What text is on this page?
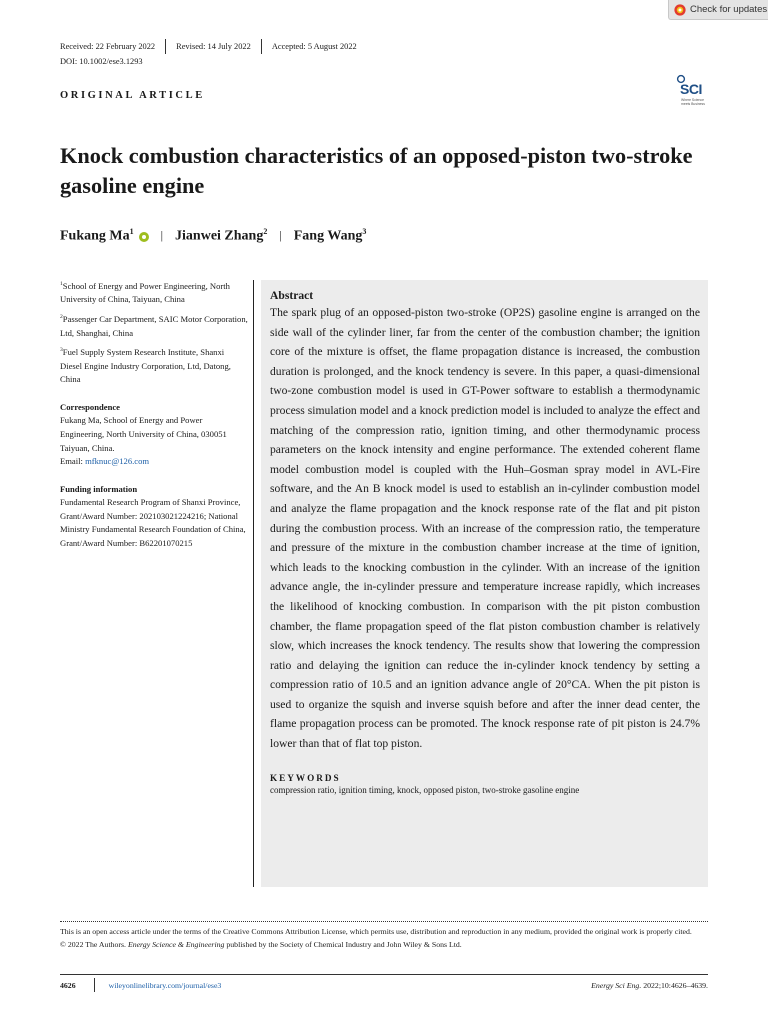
Check for updates
Received: 22 February 2022	Revised: 14 July 2022	Accepted: 5 August 2022
DOI: 10.1002/ese3.1293
ORIGINAL ARTICLE	SCI
Where Science meets Business
Knock combustion characteristics of an opposed-piston two-stroke gasoline engine
Fukang Ma$^1$ | Jianwei Zhang$^2$ | Fang Wang$^3$

$^1$School of Energy and Power Engineering, North University of China, Taiyuan, China

$^2$Passenger Car Department, SAIC Motor Corporation, Ltd, Shanghai, China

$^3$Fuel Supply System Research Institute, Shanxi Diesel Engine Industry Corporation, Ltd, Datong, China

Correspondence

Fukang Ma, School of Energy and Power Engineering, North University of China, 030051 Taiyuan, China.
Email: mfknuc@126.com

Funding information

Fundamental Research Program of Shanxi Province, Grant/Award Number: 202103021224216; National Ministry Fundamental Research Foundation of China, Grant/Award Number: B62201070215

Abstract
The spark plug of an opposed-piston two-stroke (OP2S) gasoline engine is arranged on the side wall of the cylinder liner, far from the center of the combustion chamber; the ignition core of the mixture is offset, the flame propagation distance is increased, the combustion duration is prolonged, and the knock tendency is severe. In this paper, a quasi-dimensional two-zone combustion model is used in GT-Power software to establish a thermodynamic process simulation model and a knock prediction model is included to analyze the effect and matching of the compression ratio, ignition timing, and other thermodynamic process parameters on the knock intensity and engine performance. The extended coherent flame model combustion model is coupled with the Huh–Gosman spray model in AVL-Fire software, and the An B knock model is used to establish an in-cylinder combustion model and analyze the flame propagation and the knock response rate of the flat and pit piston during the combustion process. With an increase of the compression ratio, the temperature and pressure of the mixture in the combustion chamber increase at the time of ignition, which leads to the knocking combustion in the cylinder. With an increase of the ignition advance angle, the in-cylinder pressure and temperature increase rapidly, which increases the likelihood of knocking combustion. In comparison with the pit piston combustion chamber, the flame propagation speed of the flat piston combustion chamber is relatively slow, which increases the knock tendency. The results show that lowering the compression ratio and delaying the ignition can reduce the in-cylinder knock tendency by setting a compression ratio of 10.5 and an ignition advance angle of 20°CA. When the pit piston is used to organize the squish and inverse squish before and after the inner dead center, the flame propagation process can be promoted. The knock response rate of pit piston is 24.7% lower than that of flat top piston.
KEYWORDS
compression ratio, ignition timing, knock, opposed piston, two-stroke gasoline engine

This is an open access article under the terms of the Creative Commons Attribution License, which permits use, distribution and reproduction in any medium, provided the original work is properly cited.

© 2022 The Authors. Energy Science & Engineering published by the Society of Chemical Industry and John Wiley & Sons Ltd.

4626	wileyonlinelibrary.com/journal/ese3	Energy Sci Eng. 2022;10:4626–4639.
